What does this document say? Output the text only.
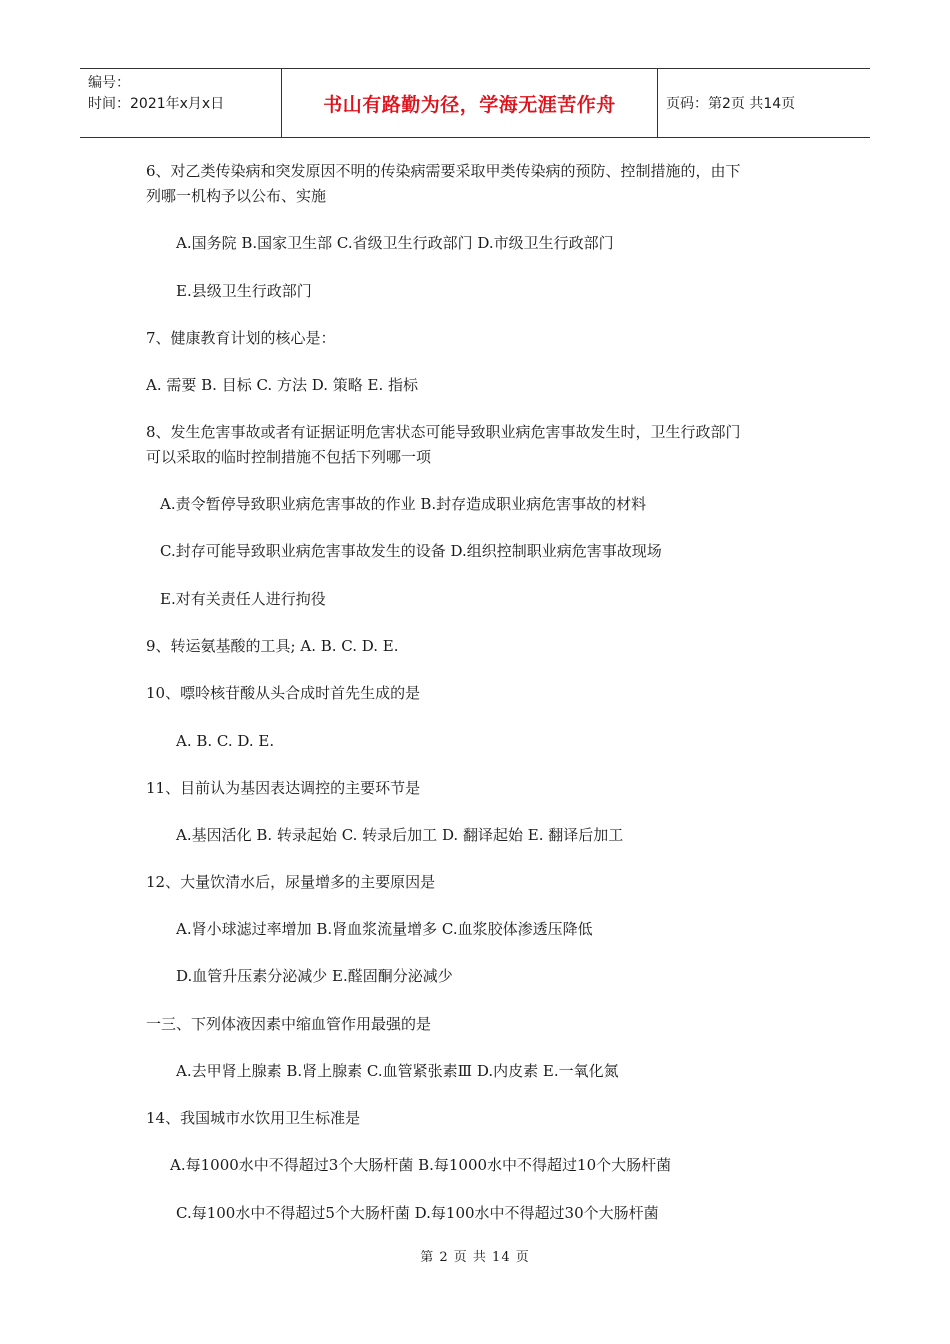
编号：
时间：2021年x月x日	书山有路勤为径，学海无涯苦作舟	页码：第2页 共14页
6、对乙类传染病和突发原因不明的传染病需要采取甲类传染病的预防、控制措施的，由下
列哪一机构予以公布、实施
A.国务院 B.国家卫生部 C.省级卫生行政部门 D.市级卫生行政部门
E.县级卫生行政部门
7、健康教育计划的核心是：
A. 需要 B. 目标 C. 方法 D. 策略 E. 指标
8、发生危害事故或者有证据证明危害状态可能导致职业病危害事故发生时，卫生行政部门
可以采取的临时控制措施不包括下列哪一项
A.责令暂停导致职业病危害事故的作业 B.封存造成职业病危害事故的材料
C.封存可能导致职业病危害事故发生的设备 D.组织控制职业病危害事故现场
E.对有关责任人进行拘役
9、转运氨基酸的工具; A. B. C. D. E.
10、嘌呤核苷酸从头合成时首先生成的是
A. B. C. D. E.
11、目前认为基因表达调控的主要环节是
A.基因活化 B. 转录起始 C. 转录后加工 D. 翻译起始 E. 翻译后加工
12、大量饮清水后，尿量增多的主要原因是
A.肾小球滤过率增加 B.肾血浆流量增多 C.血浆胶体渗透压降低
D.血管升压素分泌减少 E.醛固酮分泌减少
一三、下列体液因素中缩血管作用最强的是
A.去甲肾上腺素 B.肾上腺素 C.血管紧张素Ⅲ D.内皮素 E.一氧化氮
14、我国城市水饮用卫生标准是
A.每1000水中不得超过3个大肠杆菌 B.每1000水中不得超过10个大肠杆菌
C.每100水中不得超过5个大肠杆菌 D.每100水中不得超过30个大肠杆菌
第 2 页 共 14 页
